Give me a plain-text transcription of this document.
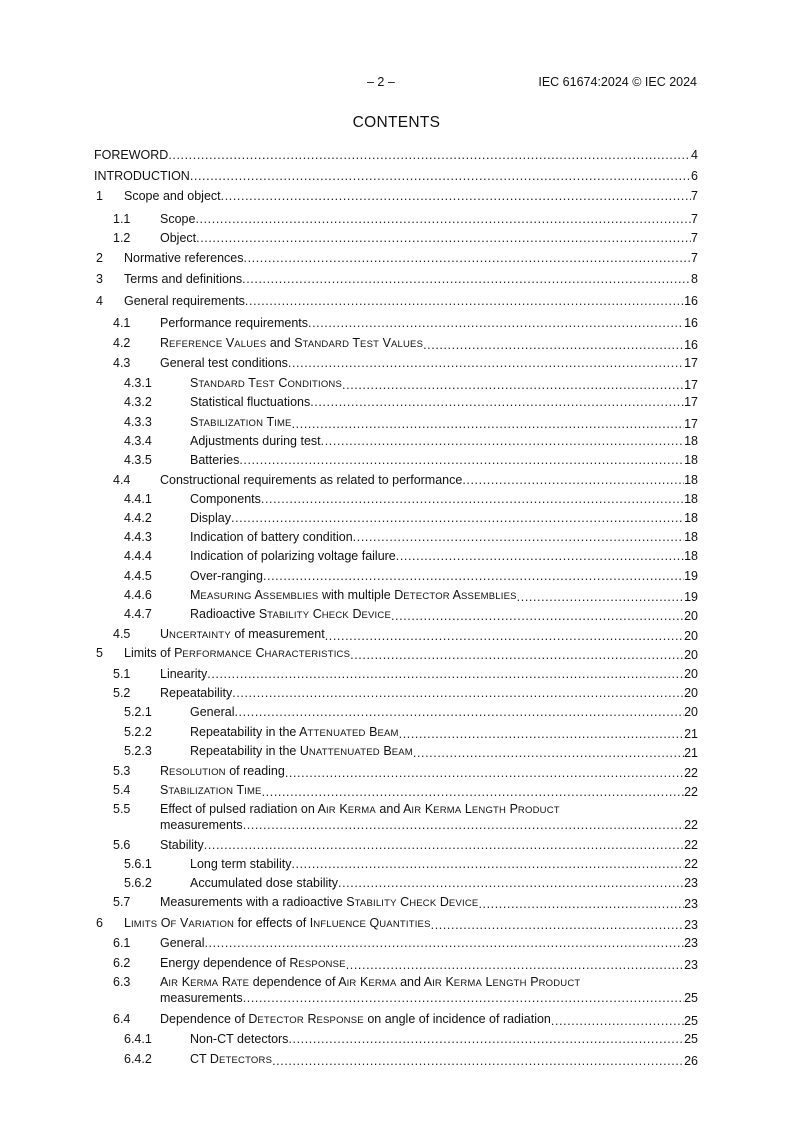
– 2 –	IEC 61674:2024 © IEC 2024
CONTENTS
FOREWORD .....	4
INTRODUCTION .....	6
1 Scope and object .....	7
1.1 Scope .....	7
1.2 Object .....	7
2 Normative references .....	7
3 Terms and definitions .....	8
4 General requirements .....	16
4.1 Performance requirements .....	16
4.2 REFERENCE VALUES and STANDARD TEST VALUES .....	16
4.3 General test conditions .....	17
4.3.1	STANDARD TEST CONDITIONS .....	17
4.3.2	Statistical fluctuations .....	17
4.3.3	STABILIZATION TIME .....	17
4.3.4	Adjustments during test .....	18
4.3.5	Batteries .....	18
4.4 Constructional requirements as related to performance .....	18
4.4.1	Components .....	18
4.4.2	Display .....	18
4.4.3	Indication of battery condition .....	18
4.4.4	Indication of polarizing voltage failure .....	18
4.4.5	Over-ranging .....	19
4.4.6	MEASURING ASSEMBLIES with multiple DETECTOR ASSEMBLIES .....	19
4.4.7	Radioactive STABILITY CHECK DEVICE .....	20
4.5 UNCERTAINTY of measurement .....	20
5 Limits of PERFORMANCE CHARACTERISTICS .....	20
5.1 Linearity .....	20
5.2 Repeatability .....	20
5.2.1	General .....	20
5.2.2	Repeatability in the ATTENUATED BEAM .....	21
5.2.3	Repeatability in the UNATTENUATED BEAM .....	21
5.3 RESOLUTION of reading .....	22
5.4 STABILIZATION TIME .....	22
5.5 Effect of pulsed radiation on AIR KERMA and AIR KERMA LENGTH PRODUCT
measurements .....	22
5.6 Stability .....	22
5.6.1	Long term stability .....	22
5.6.2	Accumulated dose stability .....	23
5.7 Measurements with a radioactive STABILITY CHECK DEVICE .....	23
6 LIMITS OF VARIATION for effects of INFLUENCE QUANTITIES .....	23
6.1 General .....	23
6.2 Energy dependence of RESPONSE .....	23
6.3 AIR KERMA RATE dependence of AIR KERMA and AIR KERMA LENGTH PRODUCT
measurements .....	25
6.4 Dependence of DETECTOR RESPONSE on angle of incidence of radiation .....	25
6.4.1	Non-CT detectors .....	25
6.4.2	CT DETECTORS .....	26
